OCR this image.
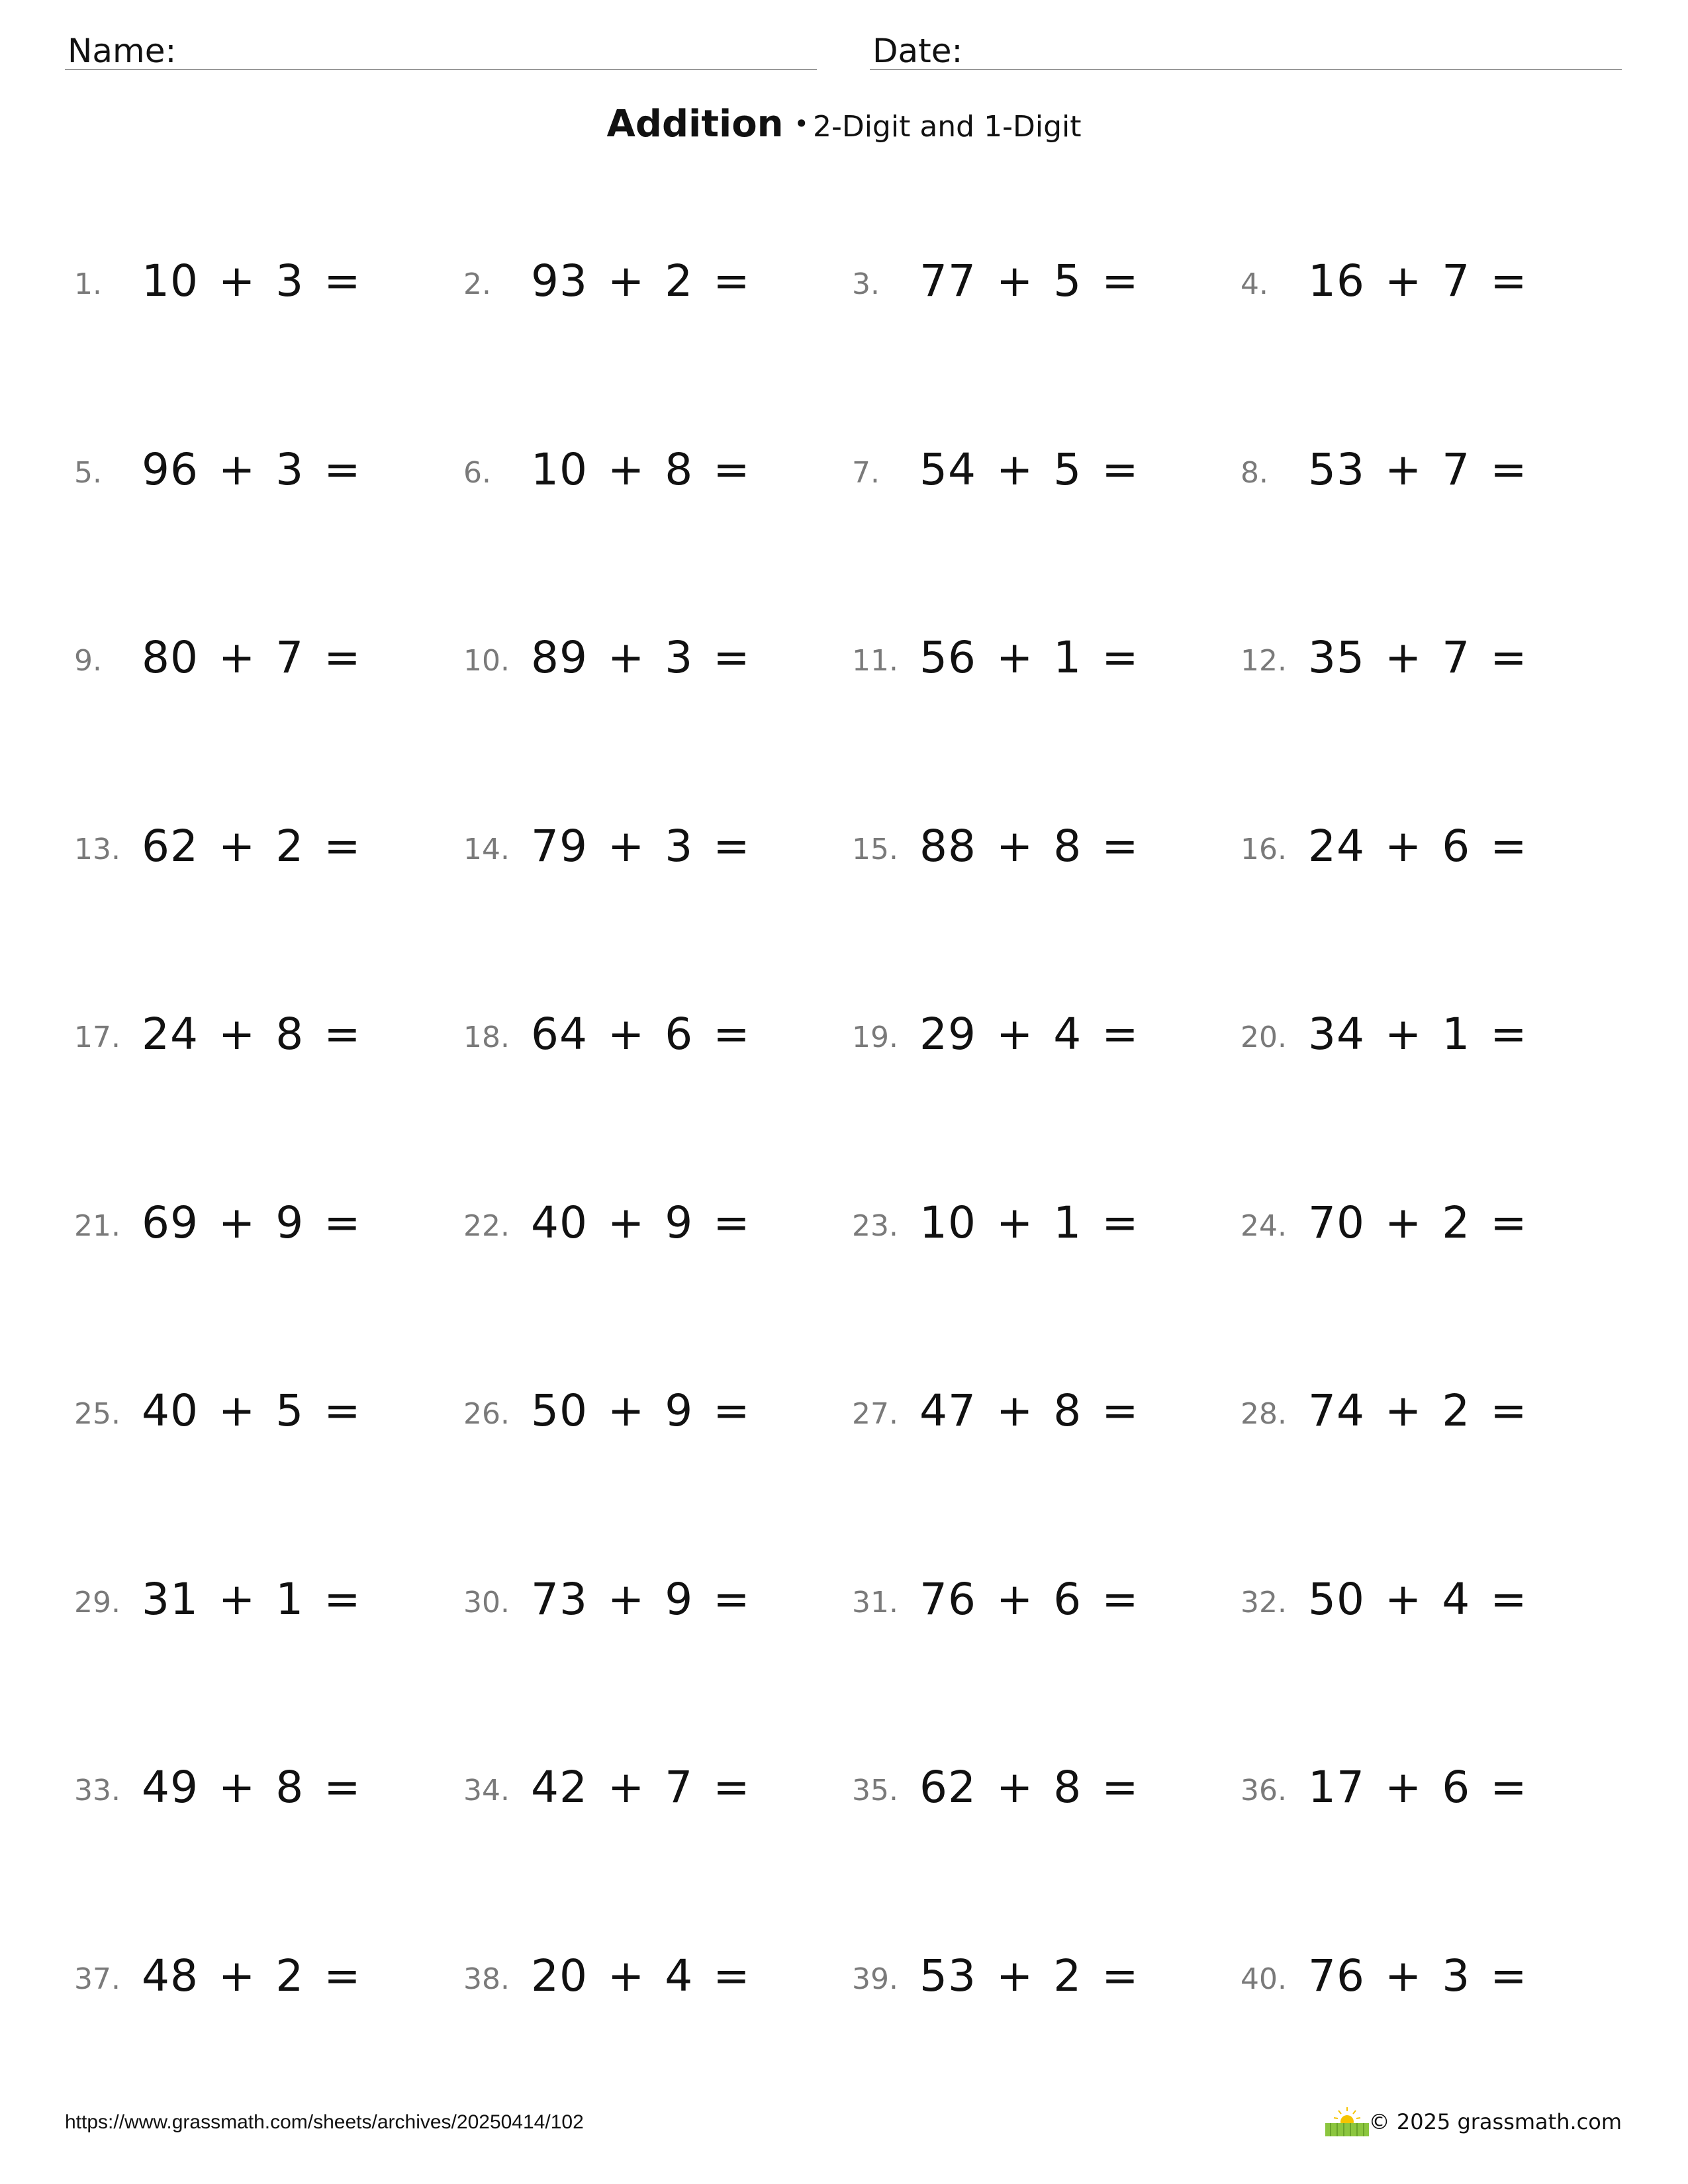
Name:	Date:
Addition • 2-Digit and 1-Digit
1. 10 + 3 =	2. 93 + 2 =	3. 77 + 5 =	4. 16 + 7 =
5. 96 + 3 =	6. 10 + 8 =	7. 54 + 5 =	8. 53 + 7 =
9. 80 + 7 =	10. 89 + 3 =	11. 56 + 1 =	12. 35 + 7 =
13. 62 + 2 =	14. 79 + 3 =	15. 88 + 8 =	16. 24 + 6 =
17. 24 + 8 =	18. 64 + 6 =	19. 29 + 4 =	20. 34 + 1 =
21. 69 + 9 =	22. 40 + 9 =	23. 10 + 1 =	24. 70 + 2 =
25. 40 + 5 =	26. 50 + 9 =	27. 47 + 8 =	28. 74 + 2 =
29. 31 + 1 =	30. 73 + 9 =	31. 76 + 6 =	32. 50 + 4 =
33. 49 + 8 =	34. 42 + 7 =	35. 62 + 8 =	36. 17 + 6 =
37. 48 + 2 =	38. 20 + 4 =	39. 53 + 2 =	40. 76 + 3 =
https://www.grassmath.com/sheets/archives/20250414/102	© 2025 grassmath.com
